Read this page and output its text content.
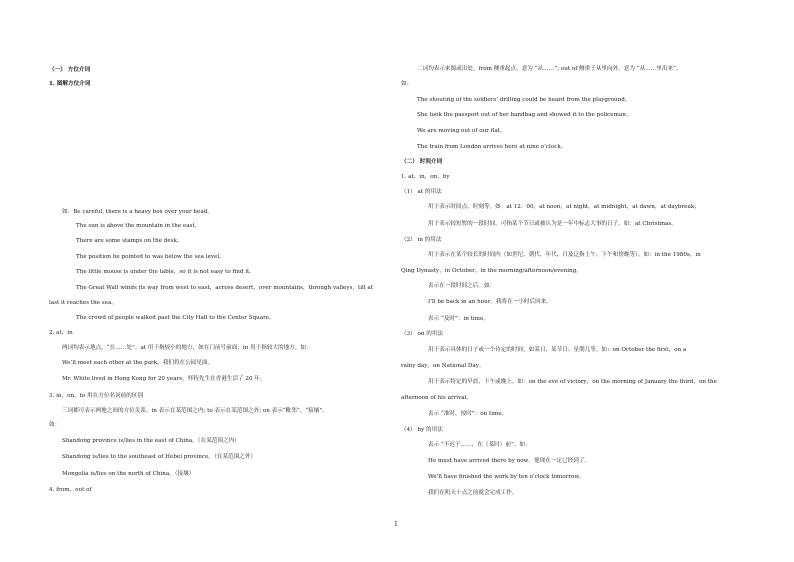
（一） 方位介词
1. 图解方位介词
如：Be careful, there is a heavy box over your head。
The sun is above the mountain in the east。
There are some stamps on the desk。
The position he pointed to was below the sea level。
The little mouse is under the table，so it is not easy to find it。
The Great Wall winds its way from west to east，across desert，over mountains，through valleys，till at
last it reaches the sea。
The crowd of people walked past the City Hall to the Center Square。
2. at，in
两词均表示地点，“在……处”。at 用于指较小的地方，如在门前号前面；in 用于指较大的地方。如：
We’ll meet each other at the park，我们将在公园见面。
Mr. White lived in Hong Kong for 20 years。怀特先生在香港生活了 20 年。
3. in，on，to 用在方位名词前的区别
三词都可表示两地之间的方位关系。in 表示在某范围之内; to 表示在某范围之外; on 表示“毗邻”、“接壤”。
如：
Shandong province is/lies in the east of China。（在某范围之内）
Shandong is/lies to the southeast of Hebei province。（在某范围之外）
Mongolia is/lies on the north of China。（接壤）
4. from，out of
二词均表示来源或出处。from 侧重起点，意为 “从……”; out of 侧重于从里向外，意为 “从……里出来”。
如：
The shouting of the soldiers’ drilling could be heard from the playground。
She took the passport out of her handbag and showed it to the policeman。
We are moving out of our flat。
The train from London arrives here at nine o’clock。
（二） 时间介词
1. at，in，on，by
（1） at 的用法
用于表示时间点、时刻等。如：at 12：00，at noon，at night，at midnight，at dawn，at daybreak；
用于表示较短暂的一段时间，可指某个节日或被认为是一年中标志大事的日子。如：at Christmas。
（2） in 的用法
用于表示在某个较长的时间内（如世纪、朝代、年代、月及泛指上午、下午和傍晚等）。如：in the 1980s，in
Qing Dynasty，in October，in the morning/afternoon/evening。
表示在一段时间之后。如：
I’ll be back in an hour。我将在一小时后回来。
表示 “及时”：in time。
（3） on 的用法
用于表示具体的日子或一个待定的时间，如某日、某节日、星期几等。如：on October the first，on a
rainy day，on National Day。
用于表示特定的早晨、下午或晚上。如：on the eve of victory，on the morning of January the third，on the
afternoon of his arrival。
表示 “准时，按时”：on time。
（4） by 的用法
表示 “不迟于……，在（某时）前”。如：
He must have arrived there by now。他现在一定已经到了。
We’ll have finished the work by ten o’clock tomorrow。
我们在明天十点之前就会完成工作。
1
